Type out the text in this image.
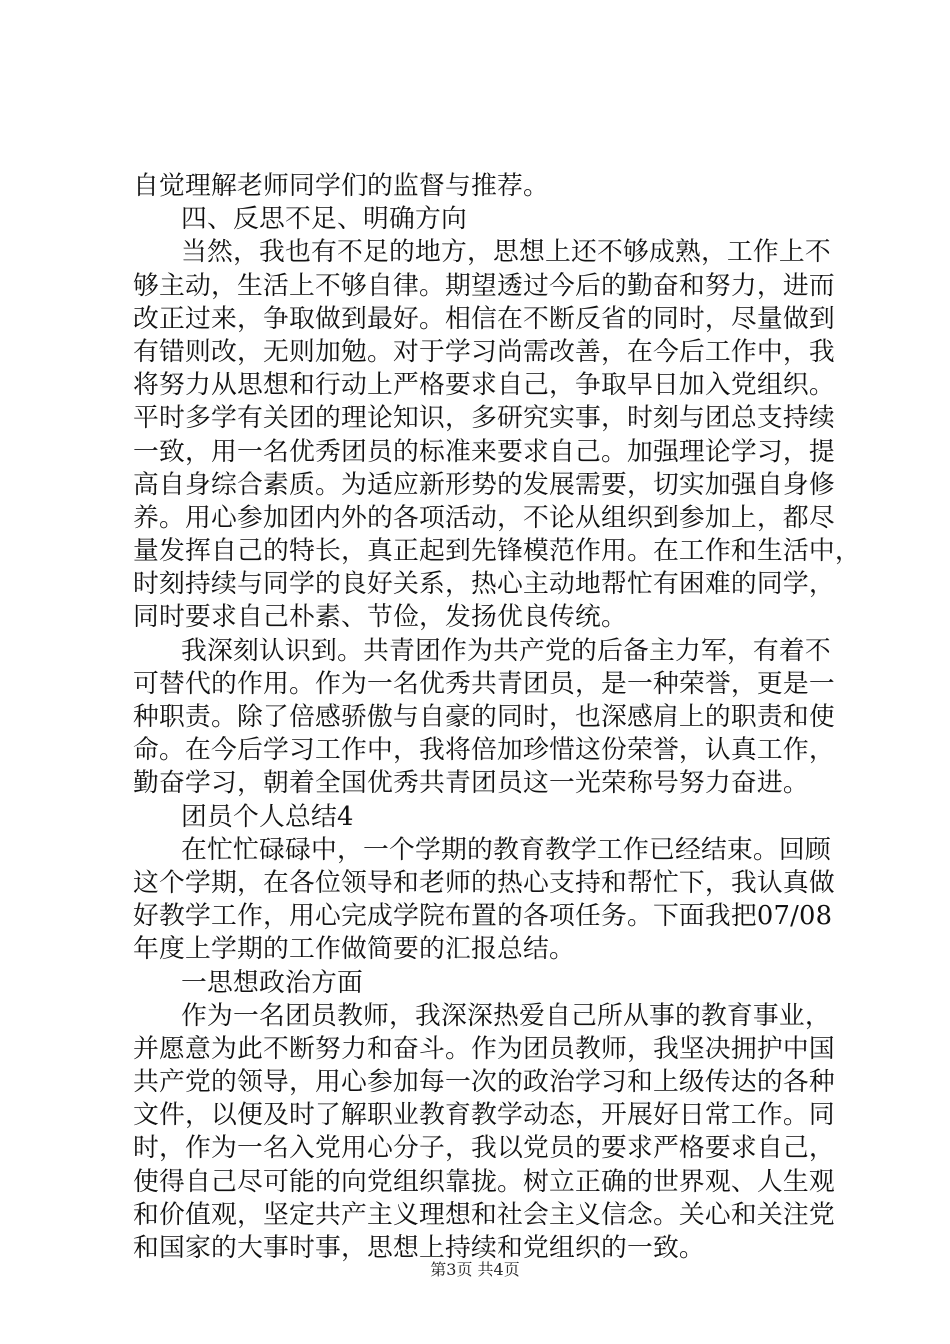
自觉理解老师同学们的监督与推荐。
四、反思不足、明确方向
当然，我也有不足的地方，思想上还不够成熟，工作上不
够主动，生活上不够自律。期望透过今后的勤奋和努力，进而
改正过来，争取做到最好。相信在不断反省的同时，尽量做到
有错则改，无则加勉。对于学习尚需改善，在今后工作中，我
将努力从思想和行动上严格要求自己，争取早日加入党组织。
平时多学有关团的理论知识，多研究实事，时刻与团总支持续
一致，用一名优秀团员的标准来要求自己。加强理论学习，提
高自身综合素质。为适应新形势的发展需要，切实加强自身修
养。用心参加团内外的各项活动，不论从组织到参加上，都尽
量发挥自己的特长，真正起到先锋模范作用。在工作和生活中，
时刻持续与同学的良好关系，热心主动地帮忙有困难的同学，
同时要求自己朴素、节俭，发扬优良传统。
我深刻认识到。共青团作为共产党的后备主力军，有着不
可替代的作用。作为一名优秀共青团员，是一种荣誉，更是一
种职责。除了倍感骄傲与自豪的同时，也深感肩上的职责和使
命。在今后学习工作中，我将倍加珍惜这份荣誉，认真工作，
勤奋学习，朝着全国优秀共青团员这一光荣称号努力奋进。
团员个人总结4
在忙忙碌碌中，一个学期的教育教学工作已经结束。回顾
这个学期，在各位领导和老师的热心支持和帮忙下，我认真做
好教学工作，用心完成学院布置的各项任务。下面我把07/08
年度上学期的工作做简要的汇报总结。
一思想政治方面
作为一名团员教师，我深深热爱自己所从事的教育事业，
并愿意为此不断努力和奋斗。作为团员教师，我坚决拥护中国
共产党的领导，用心参加每一次的政治学习和上级传达的各种
文件，以便及时了解职业教育教学动态，开展好日常工作。同
时，作为一名入党用心分子，我以党员的要求严格要求自己，
使得自己尽可能的向党组织靠拢。树立正确的世界观、人生观
和价值观，坚定共产主义理想和社会主义信念。关心和关注党
和国家的大事时事，思想上持续和党组织的一致。
第3页 共4页
